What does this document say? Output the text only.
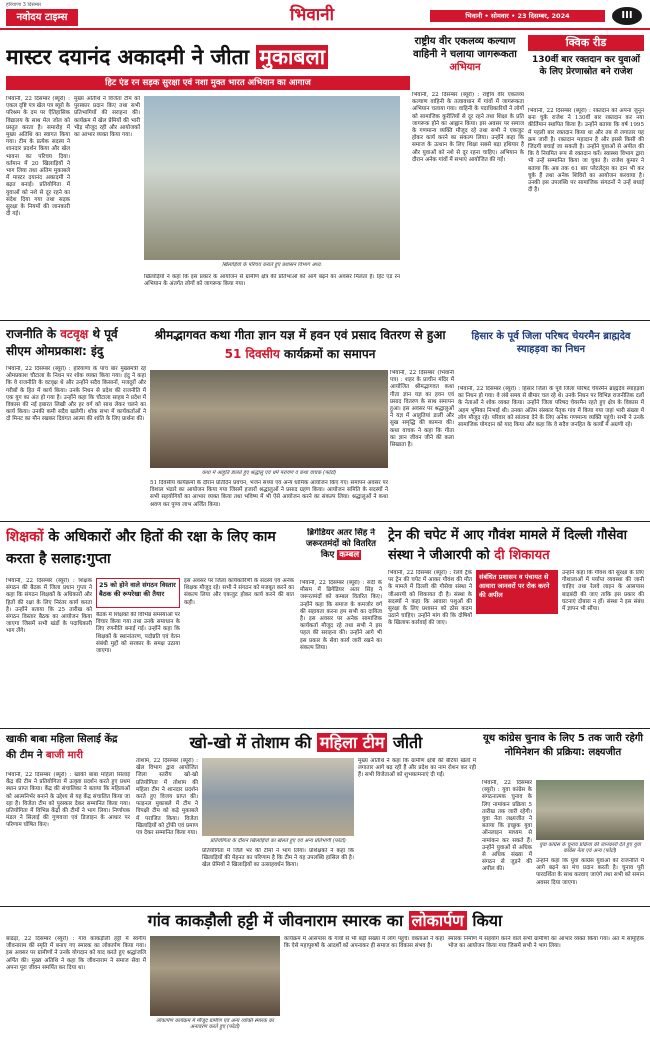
हरियाणा 3 दिसम्बर
नवोदय टाइम्स	भिवानी	भिवानी • सोमवार • 23 दिसम्बर, 2024	III
मास्टर दयानंद अकादमी ने जीता मुकाबला
हिट एंड रन सड़क सुरक्षा एवं नशा मुक्त भारत अभियान का आगाज
खिलाड़ियों के परिचय कराते हुए प्रशासन विभाग अध्य.
भिवानी, 22 दिसम्बर (ब्यूरो) : एकल दृष्टि पत्र खेल पत्र ब्यूरो के परिश्रम के दम पर ऐतिहासिक विद्यालय के साथ मेल जोल को प्रस्तुत करता है। समारोह में मुख्य अतिथि का स्वागत किया गया। टीम के प्रत्येक सदस्य ने शानदार प्रदर्शन किया और खेल भावना का परिचय दिया। वर्तमान में 20 खिलाड़ियों ने भाग लिया तथा अंतिम मुकाबले में मास्टर दयानंद अकादमी ने बढ़त बनाई। प्रतियोगिता में युवाओं को नशे से दूर रहने का संदेश दिया गया तथा सड़क सुरक्षा के नियमों की जानकारी दी गई।
मुख्य अतिथि ने विजेता टीम को पुरस्कार प्रदान किए तथा सभी प्रतिभागियों की सराहना की। कार्यक्रम में खेल प्रेमियों की भारी भीड़ मौजूद रही और आयोजकों का आभार व्यक्त किया गया।
खिलाड़ियों ने कहा कि इस प्रकार के आयोजन से ग्रामीण क्षेत्र की प्रतिभाओं को आगे बढ़ने का अवसर मिलता है। हिट एंड रन अभियान के अंतर्गत लोगों को जागरूक किया गया।
राष्ट्रीय वीर एकलव्य कल्याण वाहिनी ने चलाया जागरूकता अभियान
भिवानी, 22 दिसम्बर (ब्यूरो) : राष्ट्रीय वीर एकलव्य कल्याण वाहिनी के तत्वावधान में गांवों में जागरूकता अभियान चलाया गया। वाहिनी के पदाधिकारियों ने लोगों को सामाजिक कुरीतियों से दूर रहने तथा शिक्षा के प्रति जागरूक होने का आह्वान किया। इस अवसर पर समाज के गणमान्य व्यक्ति मौजूद रहे तथा सभी ने एकजुट होकर कार्य करने का संकल्प लिया। उन्होंने कहा कि समाज के उत्थान के लिए शिक्षा सबसे बड़ा हथियार है और युवाओं को नशे से दूर रहना चाहिए। अभियान के दौरान अनेक गांवों में सभाएं आयोजित की गईं।
क्विक रीड
130वीं बार रक्तदान कर युवाओं के लिए प्रेरणास्रोत बने राजेश
भिवानी, 22 दिसम्बर (ब्यूरो) : रक्तदान को अपना जुनून बना चुके राजेश ने 130वीं बार रक्तदान कर नया कीर्तिमान स्थापित किया है। उन्होंने बताया कि वर्ष 1995 में पहली बार रक्तदान किया था और तब से लगातार यह क्रम जारी है। रक्तदान महादान है और इससे किसी की जिंदगी बचाई जा सकती है। उन्होंने युवाओं से अपील की कि वे नियमित रूप से रक्तदान करें। स्वास्थ्य विभाग द्वारा भी उन्हें सम्मानित किया जा चुका है। राजेश कुमार ने बताया कि अब तक 61 बार प्लेटलेट्स का दान भी कर चुके हैं तथा अनेक शिविरों का आयोजन करवाया है। उनकी इस उपलब्धि पर सामाजिक संगठनों ने उन्हें बधाई दी है।
राजनीति के वटवृक्ष थे पूर्व सीएम ओमप्रकाश: इंदु
भिवानी, 22 दिसम्बर (ब्यूरो) : हरियाणा के पांच बार मुख्यमंत्री रहे ओमप्रकाश चौटाला के निधन पर शोक व्यक्त किया गया। इंदु ने कहा कि वे राजनीति के वटवृक्ष थे और उन्होंने सदैव किसानों, मजदूरों और गरीबों के हित में कार्य किया। उनके निधन से प्रदेश की राजनीति में एक युग का अंत हो गया है। उन्होंने कहा कि चौटाला साहब ने प्रदेश में विकास की नई इबारत लिखी और हर वर्ग को साथ लेकर चलने का कार्य किया। उनकी कमी सदैव खलेगी। शोक सभा में कार्यकर्ताओं ने दो मिनट का मौन रखकर दिवंगत आत्मा की शांति के लिए प्रार्थना की।
श्रीमद्भागवत कथा गीता ज्ञान यज्ञ में हवन एवं प्रसाद वितरण से हुआ 51 दिवसीय कार्यक्रमों का समापन
कथा में आहुति डालते हुए श्रद्धालु एवं धर्म परायण व कथा वाचक (फोटो)
भिवानी, 22 दिसम्बर (भिवानी पत्र) : शहर के प्राचीन मंदिर में आयोजित श्रीमद्भागवत कथा गीता ज्ञान यज्ञ का हवन एवं प्रसाद वितरण के साथ समापन हुआ। इस अवसर पर श्रद्धालुओं ने यज्ञ में आहुतियां डालीं और सुख समृद्धि की कामना की। कथा वाचक ने कहा कि गीता का ज्ञान जीवन जीने की कला सिखाता है।
51 दिवसीय कार्यक्रमों के दौरान प्रतिदिन प्रवचन, भजन संध्या एवं अन्य धार्मिक आयोजन किए गए। समापन अवसर पर विशाल भंडारे का आयोजन किया गया जिसमें हजारों श्रद्धालुओं ने प्रसाद ग्रहण किया। आयोजन समिति के सदस्यों ने सभी सहयोगियों का आभार व्यक्त किया तथा भविष्य में भी ऐसे आयोजन करने का संकल्प लिया। श्रद्धालुओं ने कथा श्रवण कर पुण्य लाभ अर्जित किया।
हिसार के पूर्व जिला परिषद चेयरमैन ब्राह्मदेव स्याहड़वा का निधन
भिवानी, 22 दिसम्बर (ब्यूरो) : हिसार जिला के पूर्व जिला परिषद चेयरमैन ब्राह्मदेव स्याहड़वा का निधन हो गया। वे लंबे समय से बीमार चल रहे थे। उनके निधन पर विभिन्न राजनीतिक दलों के नेताओं ने शोक व्यक्त किया। उन्होंने जिला परिषद चेयरमैन रहते हुए क्षेत्र के विकास में अहम भूमिका निभाई थी। उनका अंतिम संस्कार पैतृक गांव में किया गया जहां भारी संख्या में लोग मौजूद रहे। परिवार को सांत्वना देने के लिए अनेक गणमान्य व्यक्ति पहुंचे। सभी ने उनके सामाजिक योगदान को याद किया और कहा कि वे सदैव जनहित के कार्यों में अग्रणी रहे।
शिक्षकों के अधिकारों और हितों की रक्षा के लिए काम करता है सलाह:गुप्ता
25 को होने वाले संगठन विस्तार बैठक की रूपरेखा की तैयार
भिवानी, 22 दिसम्बर (ब्यूरो) : शिक्षक संगठन की बैठक में जिला प्रधान गुप्ता ने कहा कि संगठन शिक्षकों के अधिकारों और हितों की रक्षा के लिए निरंतर कार्य करता है। उन्होंने बताया कि 25 तारीख को संगठन विस्तार बैठक का आयोजन किया जाएगा जिसमें सभी खंडों के पदाधिकारी भाग लेंगे।
बैठक में शिक्षकों की विभिन्न समस्याओं पर विचार किया गया तथा उनके समाधान के लिए रणनीति बनाई गई। उन्होंने कहा कि शिक्षकों के स्थानांतरण, पदोन्नति एवं वेतन संबंधी मुद्दों को सरकार के समक्ष उठाया जाएगा।
इस अवसर पर जिला कार्यकारिणी के सदस्य एवं अनेक शिक्षक मौजूद रहे। सभी ने संगठन को मजबूत करने का संकल्प लिया और एकजुट होकर कार्य करने की बात कही।
ब्रिगेडियर अतर सिंह ने जरूरतमंदों को वितरित किए कम्बल
भिवानी, 22 दिसम्बर (ब्यूरो) : सर्दी के मौसम में ब्रिगेडियर अतर सिंह ने जरूरतमंदों को कम्बल वितरित किए। उन्होंने कहा कि समाज के कमजोर वर्ग की सहायता करना हम सभी का दायित्व है। इस अवसर पर अनेक सामाजिक कार्यकर्ता मौजूद रहे तथा सभी ने इस पहल की सराहना की। उन्होंने आगे भी इस प्रकार के सेवा कार्य जारी रखने का संकल्प लिया।
ट्रेन की चपेट में आए गौवंश मामले में दिल्ली गौसेवा संस्था ने जीआरपी को दी शिकायत
संबंधित प्रशासन व पंचायत से आवारा जानवरों पर रोक करने की अपील
भिवानी, 22 दिसम्बर (ब्यूरो) : रेलवे ट्रैक पर ट्रेन की चपेट में आकर गौवंश की मौत के मामले में दिल्ली की गौसेवा संस्था ने जीआरपी को शिकायत दी है। संस्था के सदस्यों ने कहा कि आवारा पशुओं की सुरक्षा के लिए प्रशासन को ठोस कदम उठाने चाहिए। उन्होंने मांग की कि दोषियों के खिलाफ कार्रवाई की जाए।
उन्होंने कहा कि गौवंश की सुरक्षा के लिए गौशालाओं में पर्याप्त व्यवस्था की जानी चाहिए तथा रेलवे लाइन के आसपास बाड़बंदी की जाए ताकि इस प्रकार की घटनाएं दोबारा न हों। संस्था ने इस संबंध में ज्ञापन भी सौंपा।
खाकी बाबा महिला सिलाई केंद्र की टीम ने बाजी मारी
भिवानी, 22 दिसम्बर (ब्यूरो) : खाकी बाबा महिला सिलाई केंद्र की टीम ने प्रतियोगिता में उत्कृष्ट प्रदर्शन करते हुए प्रथम स्थान प्राप्त किया। केंद्र की संचालिका ने बताया कि महिलाओं को आत्मनिर्भर बनाने के उद्देश्य से यह केंद्र संचालित किया जा रहा है। विजेता टीम को पुरस्कार देकर सम्मानित किया गया। प्रतियोगिता में विभिन्न केंद्रों की टीमों ने भाग लिया। निर्णायक मंडल ने सिलाई की गुणवत्ता एवं डिजाइन के आधार पर परिणाम घोषित किए।
खो-खो में तोशाम की महिला टीम जीती
तोशाम, 22 दिसम्बर (ब्यूरो) : खेल विभाग द्वारा आयोजित जिला स्तरीय खो-खो प्रतियोगिता में तोशाम की महिला टीम ने शानदार प्रदर्शन करते हुए विजय प्राप्त की। फाइनल मुकाबले में टीम ने विपक्षी टीम को कड़े मुकाबले में पराजित किया। विजेता खिलाड़ियों को ट्रॉफी एवं प्रमाण पत्र देकर सम्मानित किया गया।
प्रतियोगिता के दौरान खिलाड़ियों का खेलते हुए एवं अन्य प्रतिभागी (फोटो)
प्रतियोगिता में जिले भर की टीमों ने भाग लिया। प्रशिक्षकों ने कहा कि खिलाड़ियों की मेहनत का परिणाम है कि टीम ने यह उपलब्धि हासिल की है। खेल प्रेमियों ने खिलाड़ियों का उत्साहवर्धन किया।
मुख्य अतिथि ने कहा कि ग्रामीण क्षेत्रों की बेटियां खेलों में लगातार आगे बढ़ रही हैं और प्रदेश का नाम रोशन कर रही हैं। सभी विजेताओं को शुभकामनाएं दी गईं।
यूथ कांग्रेस चुनाव के लिए 5 तक जारी रहेगी नोमिनेशन की प्रक्रिया: लक्ष्यजीत
युवा कांग्रेस के चुनाव प्रक्रिया की जानकारी देते हुए युवा कांग्रेस नेता एवं अन्य (फोटो)
भिवानी, 22 दिसम्बर (ब्यूरो) : युवा कांग्रेस के संगठनात्मक चुनाव के लिए नामांकन प्रक्रिया 5 तारीख तक जारी रहेगी। युवा नेता लक्ष्यजीत ने बताया कि इच्छुक युवा ऑनलाइन माध्यम से नामांकन कर सकते हैं। उन्होंने युवाओं से अधिक से अधिक संख्या में संगठन से जुड़ने की अपील की।
उन्होंने कहा कि युवा कांग्रेस युवाओं को राजनीति में आगे बढ़ने का मंच प्रदान करती है। चुनाव पूरी पारदर्शिता के साथ करवाए जाएंगे तथा सभी को समान अवसर दिया जाएगा।
गांव काकड़ौली हट्टी में जीवनाराम स्मारक का लोकार्पण किया
बाढड़ा, 22 दिसम्बर (ब्यूरो) : गांव काकड़ौली हट्टी में स्वर्गीय जीवनाराम की स्मृति में बनाए गए स्मारक का लोकार्पण किया गया। इस अवसर पर ग्रामीणों ने उनके योगदान को याद करते हुए श्रद्धांजलि अर्पित की। मुख्य अतिथि ने कहा कि जीवनाराम ने समाज सेवा में अपना पूरा जीवन समर्पित कर दिया था।
लोकार्पण कार्यक्रम में मौजूद ग्रामीण एवं अन्य व्यक्ति स्मारक का अनावरण करते हुए (फोटो)
कार्यक्रम में आसपास के गांवों से भी बड़ी संख्या में लोग पहुंचे। वक्ताओं ने कहा कि ऐसे महापुरुषों के आदर्शों को अपनाकर ही समाज का विकास संभव है।
स्मारक निर्माण में सहयोग करने वाले सभी ग्रामीणों का आभार व्यक्त किया गया। अंत में सामूहिक भोज का आयोजन किया गया जिसमें सभी ने भाग लिया।
